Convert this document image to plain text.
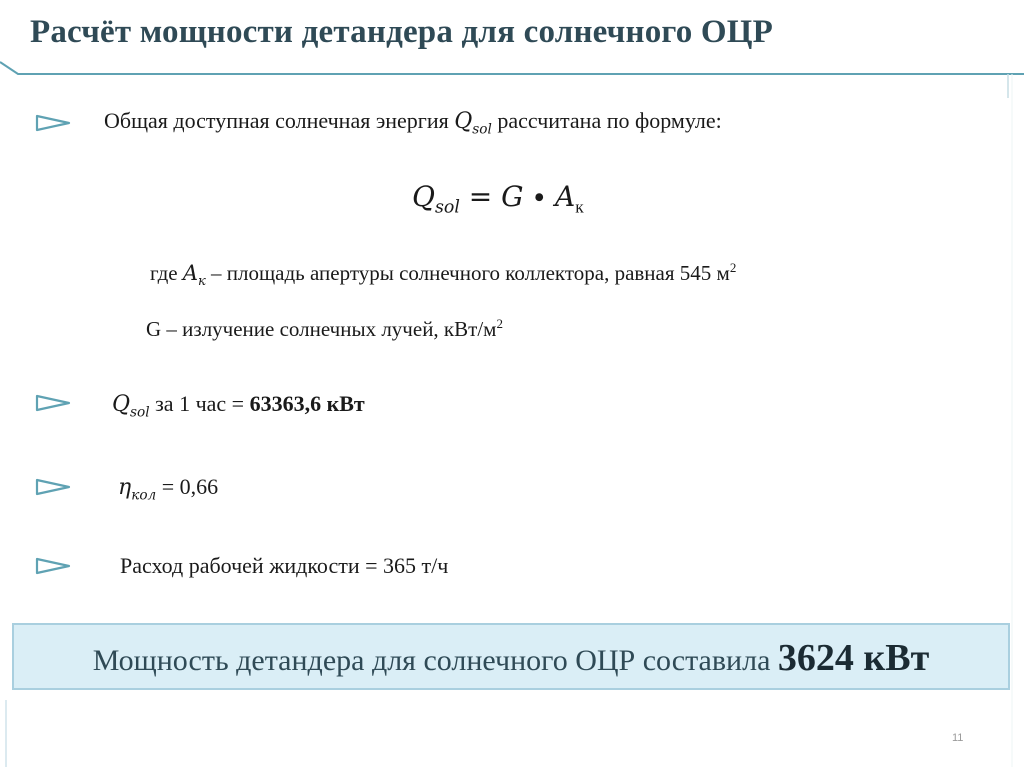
Расчёт мощности детандера для солнечного ОЦР
Общая доступная солнечная энергия $Q_{sol}$ рассчитана по формуле:
$Q_{sol} = G \cdot A_к$
где $A_к$ – площадь апертуры солнечного коллектора, равная 545 $м^2$
G – излучение солнечных лучей, кВт/$м^2$
$Q_{sol}$ за 1 час = 63363,6 кВт
$\eta_{кол} = 0,66$
Расход рабочей жидкости = 365 т/ч
Мощность детандера для солнечного ОЦР составила 3624 кВт
11
